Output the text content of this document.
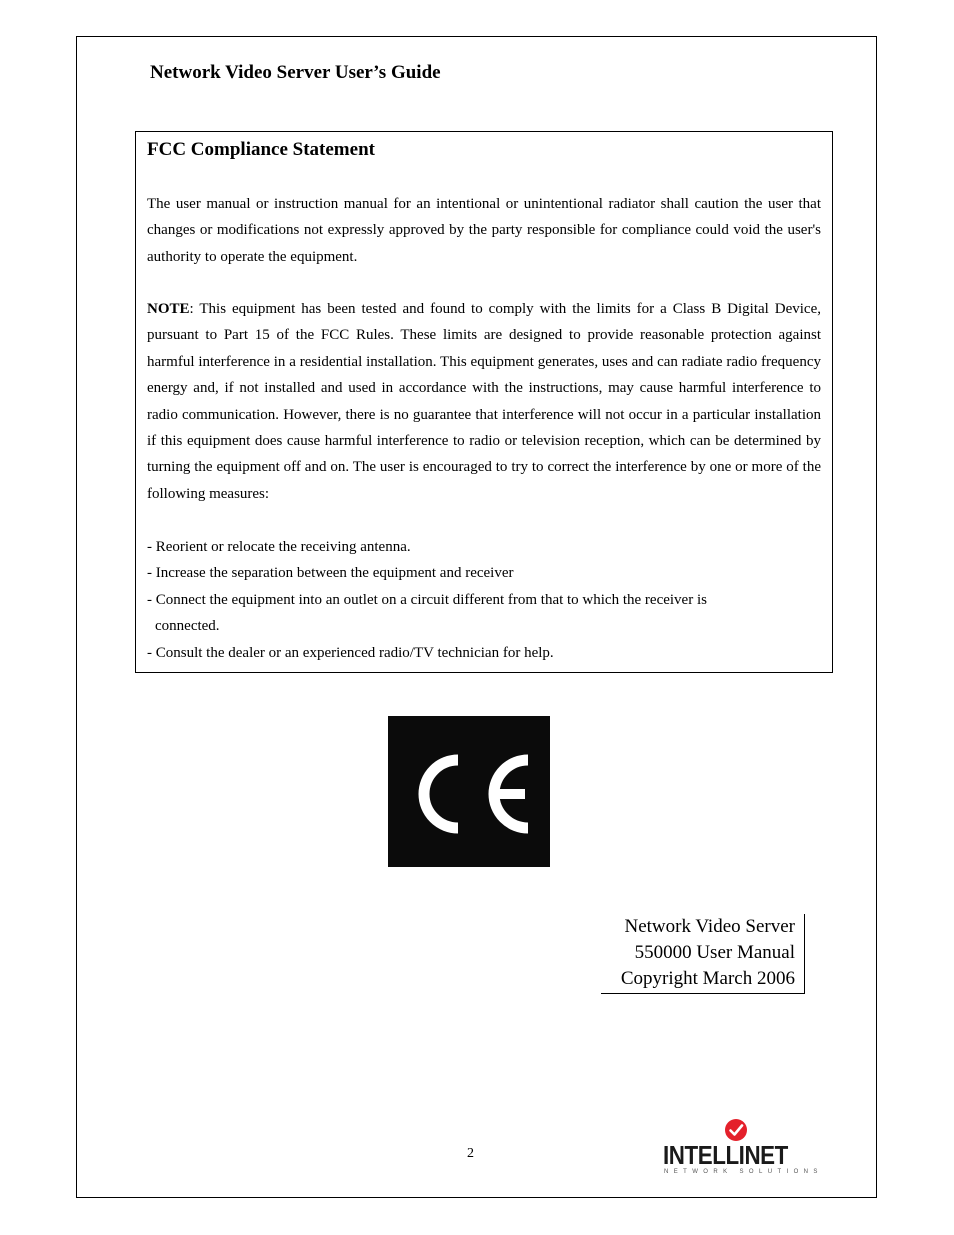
Network Video Server User’s Guide
FCC Compliance Statement

The user manual or instruction manual for an intentional or unintentional radiator shall caution the user that changes or modifications not expressly approved by the party responsible for compliance could void the user's authority to operate the equipment.

NOTE: This equipment has been tested and found to comply with the limits for a Class B Digital Device, pursuant to Part 15 of the FCC Rules. These limits are designed to provide reasonable protection against harmful interference in a residential installation. This equipment generates, uses and can radiate radio frequency energy and, if not installed and used in accordance with the instructions, may cause harmful interference to radio communication. However, there is no guarantee that interference will not occur in a particular installation if this equipment does cause harmful interference to radio or television reception, which can be determined by turning the equipment off and on. The user is encouraged to try to correct the interference by one or more of the following measures:

- Reorient or relocate the receiving antenna.
- Increase the separation between the equipment and receiver
- Connect the equipment into an outlet on a circuit different from that to which the receiver is
connected.
- Consult the dealer or an experienced radio/TV technician for help.
Network Video Server
550000 User Manual
Copyright March 2006
2	INTELLINET
NETWORK SOLUTIONS
